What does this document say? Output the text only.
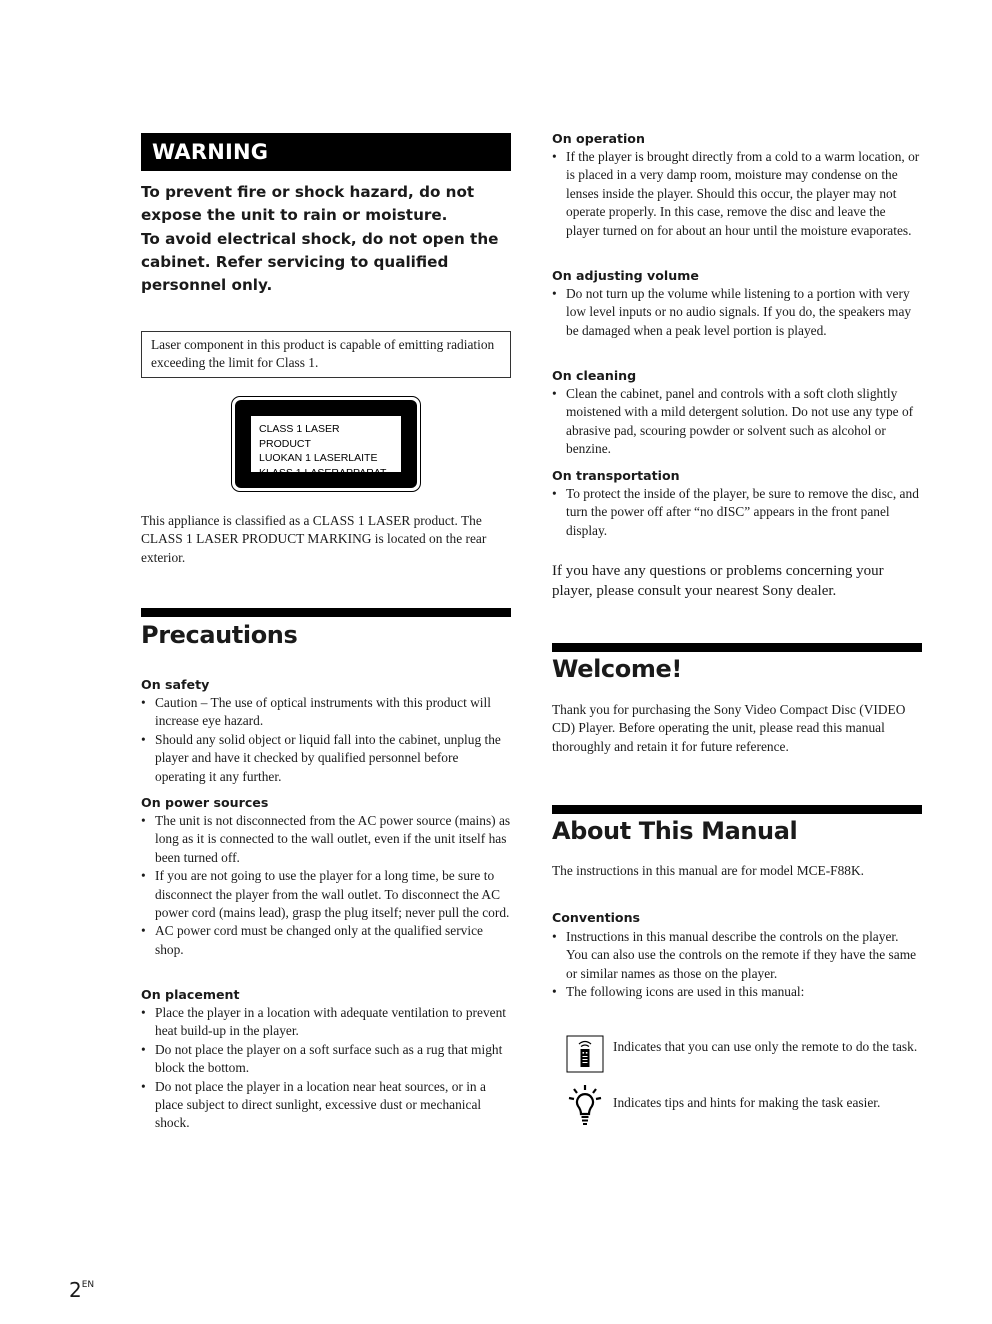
WARNING
To prevent fire or shock hazard, do not expose the unit to rain or moisture.
To avoid electrical shock, do not open the cabinet. Refer servicing to qualified personnel only.
Laser component in this product is capable of emitting radiation exceeding the limit for Class 1.
CLASS 1 LASER PRODUCT
LUOKAN 1 LASERLAITE
KLASS 1 LASERAPPARAT
This appliance is classified as a CLASS 1 LASER product. The CLASS 1 LASER PRODUCT MARKING is located on the rear exterior.
Precautions
On safety
• Caution – The use of optical instruments with this product will increase eye hazard.
• Should any solid object or liquid fall into the cabinet, unplug the player and have it checked by qualified personnel before operating it any further.
On power sources
• The unit is not disconnected from the AC power source (mains) as long as it is connected to the wall outlet, even if the unit itself has been turned off.
• If you are not going to use the player for a long time, be sure to disconnect the player from the wall outlet. To disconnect the AC power cord (mains lead), grasp the plug itself; never pull the cord.
• AC power cord must be changed only at the qualified service shop.
On placement
• Place the player in a location with adequate ventilation to prevent heat build-up in the player.
• Do not place the player on a soft surface such as a rug that might block the bottom.
• Do not place the player in a location near heat sources, or in a place subject to direct sunlight, excessive dust or mechanical shock.
On operation
• If the player is brought directly from a cold to a warm location, or is placed in a very damp room, moisture may condense on the lenses inside the player. Should this occur, the player may not operate properly. In this case, remove the disc and leave the player turned on for about an hour until the moisture evaporates.
On adjusting volume
• Do not turn up the volume while listening to a portion with very low level inputs or no audio signals. If you do, the speakers may be damaged when a peak level portion is played.
On cleaning
• Clean the cabinet, panel and controls with a soft cloth slightly moistened with a mild detergent solution. Do not use any type of abrasive pad, scouring powder or solvent such as alcohol or benzine.
On transportation
• To protect the inside of the player, be sure to remove the disc, and turn the power off after “no dISC” appears in the front panel display.
If you have any questions or problems concerning your player, please consult your nearest Sony dealer.
Welcome!
Thank you for purchasing the Sony Video Compact Disc (VIDEO CD) Player. Before operating the unit, please read this manual thoroughly and retain it for future reference.
About This Manual
The instructions in this manual are for model MCE-F88K.
Conventions
• Instructions in this manual describe the controls on the player.
You can also use the controls on the remote if they have the same or similar names as those on the player.
• The following icons are used in this manual:
Indicates that you can use only the remote to do the task.
Indicates tips and hints for making the task easier.
$2^{EN}$
